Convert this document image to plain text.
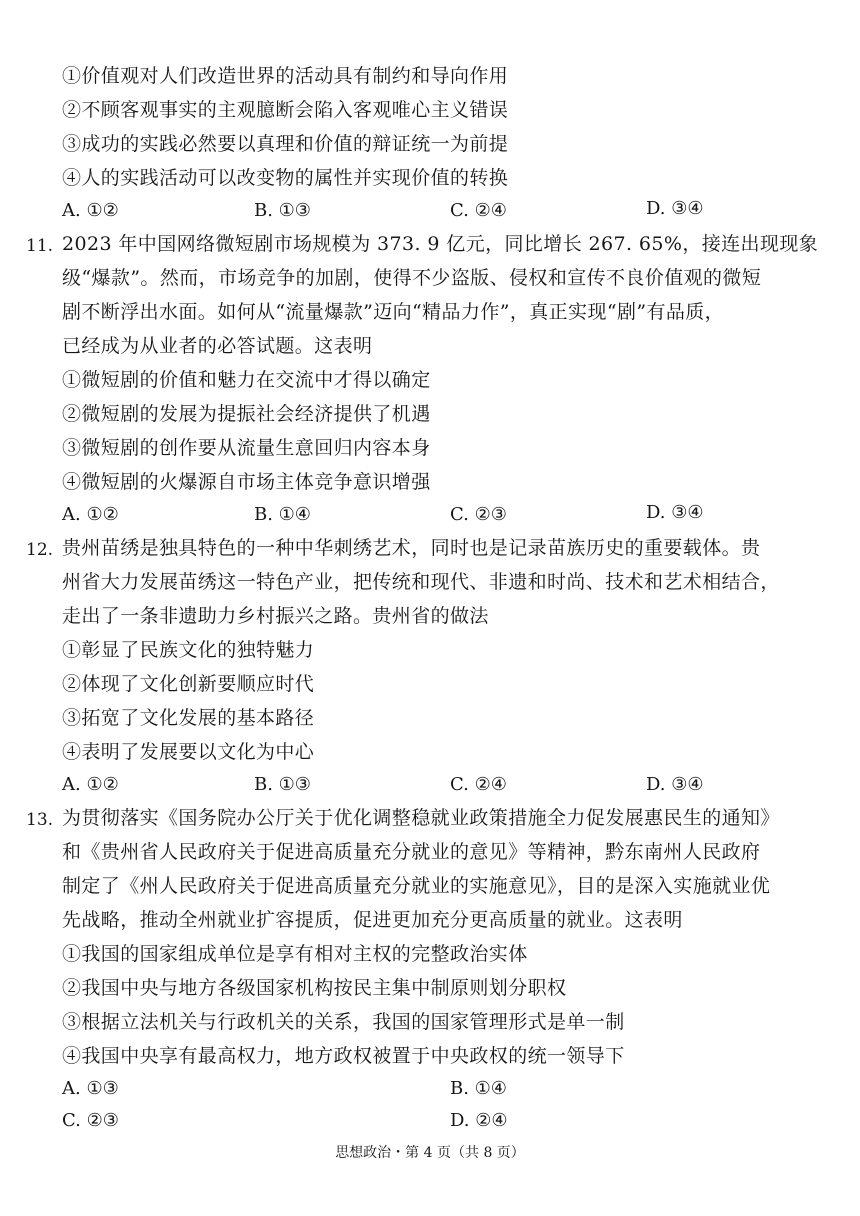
①价值观对人们改造世界的活动具有制约和导向作用
②不顾客观事实的主观臆断会陷入客观唯心主义错误
③成功的实践必然要以真理和价值的辩证统一为前提
④人的实践活动可以改变物的属性并实现价值的转换
A. ①②	B. ①③	C. ②④	D. ③④
11. 2023 年中国网络微短剧市场规模为 373. 9 亿元，同比增长 267. 65%，接连出现现象
级“爆款”。然而，市场竞争的加剧，使得不少盗版、侵权和宣传不良价值观的微短
剧不断浮出水面。如何从“流量爆款”迈向“精品力作”，真正实现“剧”有品质，
已经成为从业者的必答试题。这表明
①微短剧的价值和魅力在交流中才得以确定
②微短剧的发展为提振社会经济提供了机遇
③微短剧的创作要从流量生意回归内容本身
④微短剧的火爆源自市场主体竞争意识增强
A. ①②	B. ①④	C. ②③	D. ③④
12. 贵州苗绣是独具特色的一种中华刺绣艺术，同时也是记录苗族历史的重要载体。贵
州省大力发展苗绣这一特色产业，把传统和现代、非遗和时尚、技术和艺术相结合，
走出了一条非遗助力乡村振兴之路。贵州省的做法
①彰显了民族文化的独特魅力
②体现了文化创新要顺应时代
③拓宽了文化发展的基本路径
④表明了发展要以文化为中心
A. ①②	B. ①③	C. ②④	D. ③④
13. 为贯彻落实《国务院办公厅关于优化调整稳就业政策措施全力促发展惠民生的通知》
和《贵州省人民政府关于促进高质量充分就业的意见》等精神，黔东南州人民政府
制定了《州人民政府关于促进高质量充分就业的实施意见》，目的是深入实施就业优
先战略，推动全州就业扩容提质，促进更加充分更高质量的就业。这表明
①我国的国家组成单位是享有相对主权的完整政治实体
②我国中央与地方各级国家机构按民主集中制原则划分职权
③根据立法机关与行政机关的关系，我国的国家管理形式是单一制
④我国中央享有最高权力，地方政权被置于中央政权的统一领导下
A. ①③	B. ①④
C. ②③	D. ②④
思想政治・第 4 页（共 8 页）
